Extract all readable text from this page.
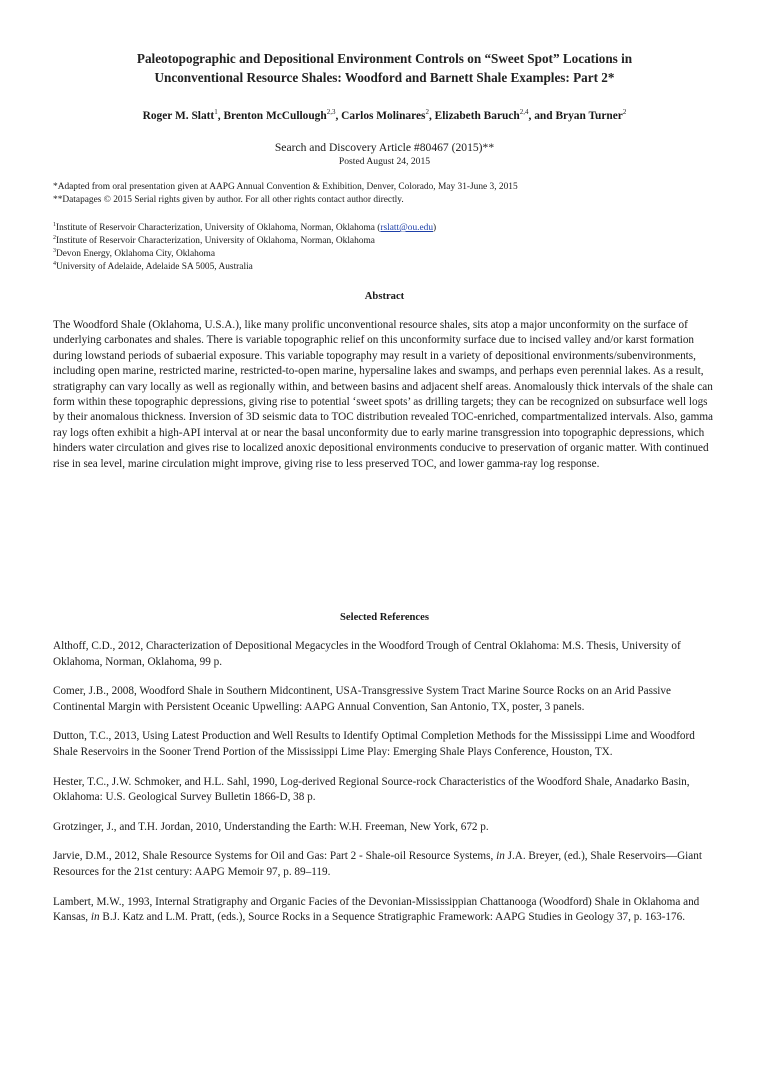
Paleotopographic and Depositional Environment Controls on “Sweet Spot” Locations in
Unconventional Resource Shales: Woodford and Barnett Shale Examples: Part 2*
Roger M. Slatt$^1$, Brenton McCullough$^{2,3}$, Carlos Molinares$^2$, Elizabeth Baruch$^{2,4}$, and Bryan Turner$^2$
Search and Discovery Article #80467 (2015)**
Posted August 24, 2015
*Adapted from oral presentation given at AAPG Annual Convention & Exhibition, Denver, Colorado, May 31-June 3, 2015
**Datapages © 2015 Serial rights given by author. For all other rights contact author directly.
$^1$Institute of Reservoir Characterization, University of Oklahoma, Norman, Oklahoma (rslatt@ou.edu)
$^2$Institute of Reservoir Characterization, University of Oklahoma, Norman, Oklahoma
$^3$Devon Energy, Oklahoma City, Oklahoma
$^4$University of Adelaide, Adelaide SA 5005, Australia
Abstract
The Woodford Shale (Oklahoma, U.S.A.), like many prolific unconventional resource shales, sits atop a major unconformity on the surface of underlying carbonates and shales. There is variable topographic relief on this unconformity surface due to incised valley and/or karst formation during lowstand periods of subaerial exposure. This variable topography may result in a variety of depositional environments/subenvironments, including open marine, restricted marine, restricted-to-open marine, hypersaline lakes and swamps, and perhaps even perennial lakes. As a result, stratigraphy can vary locally as well as regionally within, and between basins and adjacent shelf areas. Anomalously thick intervals of the shale can form within these topographic depressions, giving rise to potential ‘sweet spots’ as drilling targets; they can be recognized on subsurface well logs by their anomalous thickness. Inversion of 3D seismic data to TOC distribution revealed TOC-enriched, compartmentalized intervals. Also, gamma ray logs often exhibit a high-API interval at or near the basal unconformity due to early marine transgression into topographic depressions, which hinders water circulation and gives rise to localized anoxic depositional environments conducive to preservation of organic matter. With continued rise in sea level, marine circulation might improve, giving rise to less preserved TOC, and lower gamma-ray log response.
Selected References

Althoff, C.D., 2012, Characterization of Depositional Megacycles in the Woodford Trough of Central Oklahoma: M.S. Thesis, University of Oklahoma, Norman, Oklahoma, 99 p.

Comer, J.B., 2008, Woodford Shale in Southern Midcontinent, USA-Transgressive System Tract Marine Source Rocks on an Arid Passive Continental Margin with Persistent Oceanic Upwelling: AAPG Annual Convention, San Antonio, TX, poster, 3 panels.

Dutton, T.C., 2013, Using Latest Production and Well Results to Identify Optimal Completion Methods for the Mississippi Lime and Woodford Shale Reservoirs in the Sooner Trend Portion of the Mississippi Lime Play: Emerging Shale Plays Conference, Houston, TX.

Hester, T.C., J.W. Schmoker, and H.L. Sahl, 1990, Log-derived Regional Source-rock Characteristics of the Woodford Shale, Anadarko Basin, Oklahoma: U.S. Geological Survey Bulletin 1866-D, 38 p.

Grotzinger, J., and T.H. Jordan, 2010, Understanding the Earth: W.H. Freeman, New York, 672 p.

Jarvie, D.M., 2012, Shale Resource Systems for Oil and Gas: Part 2 - Shale-oil Resource Systems, in J.A. Breyer, (ed.), Shale Reservoirs—Giant Resources for the 21st century: AAPG Memoir 97, p. 89–119.

Lambert, M.W., 1993, Internal Stratigraphy and Organic Facies of the Devonian-Mississippian Chattanooga (Woodford) Shale in Oklahoma and Kansas, in B.J. Katz and L.M. Pratt, (eds.), Source Rocks in a Sequence Stratigraphic Framework: AAPG Studies in Geology 37, p. 163-176.
